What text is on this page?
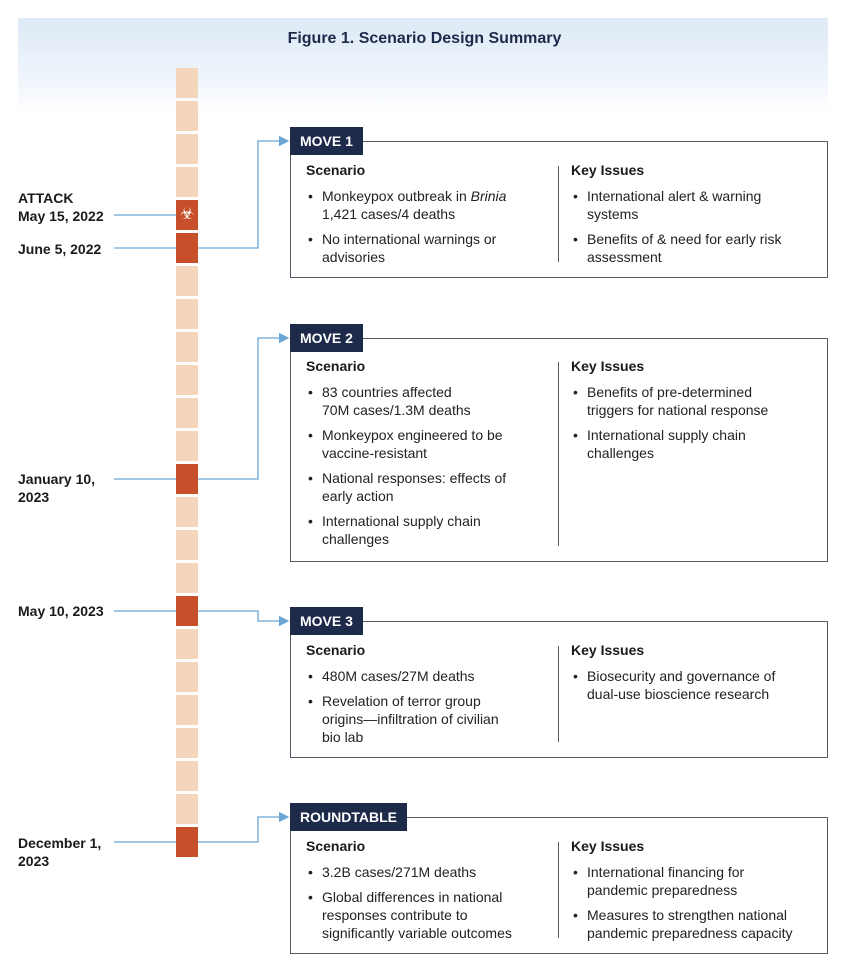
Figure 1. Scenario Design Summary
☣
ATTACK
May 15, 2022
June 5, 2022
January 10,
2023
May 10, 2023
December 1,
2023
MOVE 1
Scenario	Key Issues
• Monkeypox outbreak in Brinia
1,421 cases/4 deaths
• No international warnings or
advisories
• International alert & warning
systems
• Benefits of & need for early risk
assessment
MOVE 2
Scenario	Key Issues
• 83 countries affected
70M cases/1.3M deaths
• Monkeypox engineered to be
vaccine-resistant
• National responses: effects of
early action
• International supply chain
challenges
• Benefits of pre-determined
triggers for national response
• International supply chain
challenges
MOVE 3
Scenario	Key Issues
• 480M cases/27M deaths
• Revelation of terror group
origins—infiltration of civilian
bio lab
• Biosecurity and governance of
dual-use bioscience research
ROUNDTABLE
Scenario	Key Issues
• 3.2B cases/271M deaths
• Global differences in national
responses contribute to
significantly variable outcomes
• International financing for
pandemic preparedness
• Measures to strengthen national
pandemic preparedness capacity
